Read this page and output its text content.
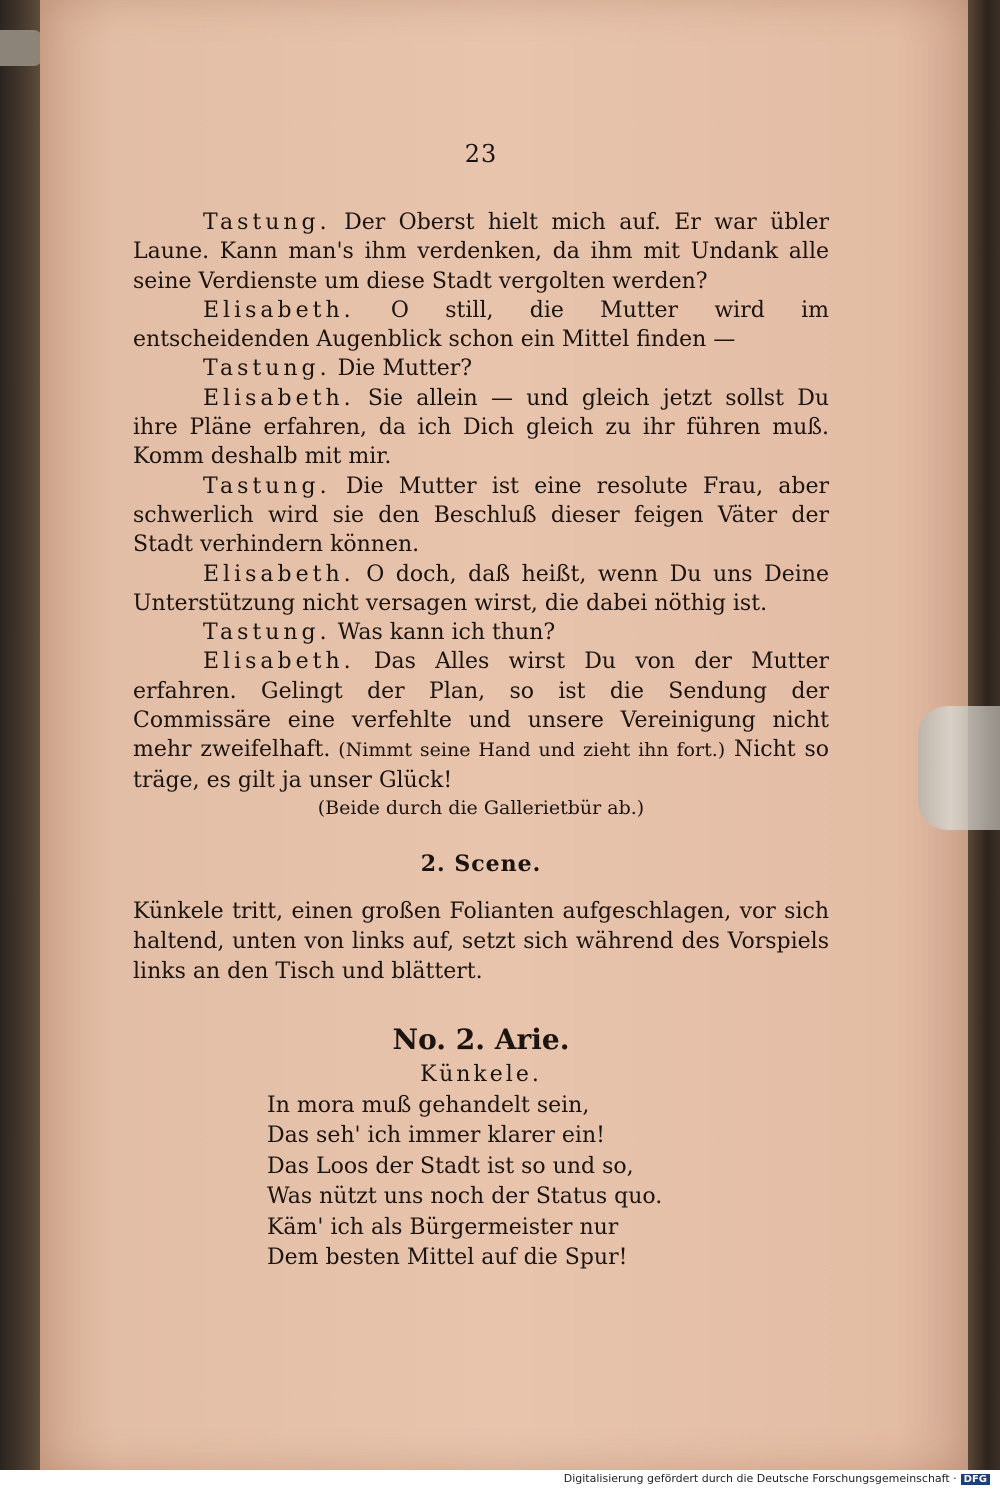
23

Tastung. Der Oberst hielt mich auf. Er war übler Laune. Kann man's ihm verdenken, da ihm mit Undank alle seine Verdienste um diese Stadt vergolten werden?

Elisabeth. O still, die Mutter wird im entscheidenden Augenblick schon ein Mittel finden —

Tastung. Die Mutter?

Elisabeth. Sie allein — und gleich jetzt sollst Du ihre Pläne erfahren, da ich Dich gleich zu ihr führen muß. Komm deshalb mit mir.

Tastung. Die Mutter ist eine resolute Frau, aber schwerlich wird sie den Beschluß dieser feigen Väter der Stadt verhindern können.

Elisabeth. O doch, daß heißt, wenn Du uns Deine Unterstützung nicht versagen wirst, die dabei nöthig ist.

Tastung. Was kann ich thun?

Elisabeth. Das Alles wirst Du von der Mutter erfahren. Gelingt der Plan, so ist die Sendung der Commissäre eine verfehlte und unsere Vereinigung nicht mehr zweifelhaft. (Nimmt seine Hand und zieht ihn fort.) Nicht so träge, es gilt ja unser Glück!

(Beide durch die Gallerietbür ab.)

2. Scene.

Künkele tritt, einen großen Folianten aufgeschlagen, vor sich haltend, unten von links auf, setzt sich während des Vorspiels links an den Tisch und blättert.

No. 2. Arie.
Künkele.
In mora muß gehandelt sein,
Das seh' ich immer klarer ein!
Das Loos der Stadt ist so und so,
Was nützt uns noch der Status quo.
Käm' ich als Bürgermeister nur
Dem besten Mittel auf die Spur!
Digitalisierung gefördert durch die Deutsche Forschungsgemeinschaft · DFG
